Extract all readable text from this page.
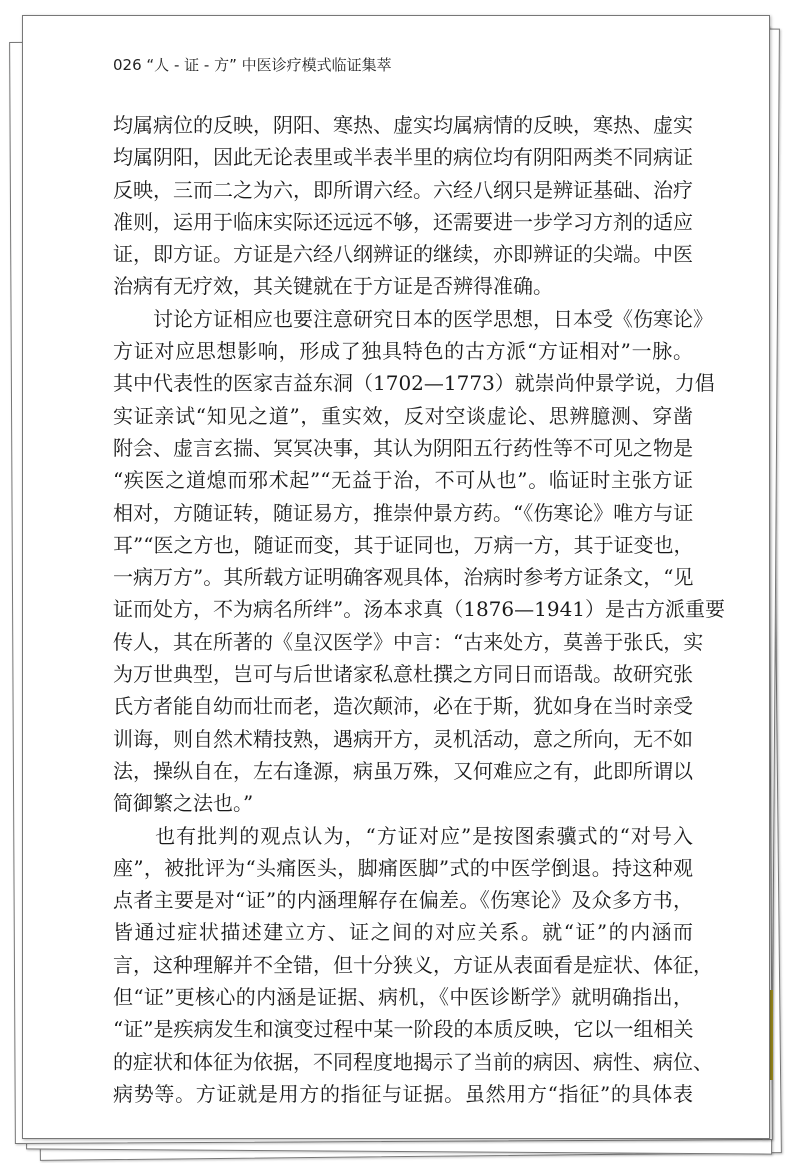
026 “人 - 证 - 方” 中医诊疗模式临证集萃
均属病位的反映，阴阳、寒热、虚实均属病情的反映，寒热、虚实
均属阴阳，因此无论表里或半表半里的病位均有阴阳两类不同病证
反映，三而二之为六，即所谓六经。六经八纲只是辨证基础、治疗
准则，运用于临床实际还远远不够，还需要进一步学习方剂的适应
证，即方证。方证是六经八纲辨证的继续，亦即辨证的尖端。中医
治病有无疗效，其关键就在于方证是否辨得准确。
　　讨论方证相应也要注意研究日本的医学思想，日本受《伤寒论》
方证对应思想影响，形成了独具特色的古方派“方证相对”一脉。
其中代表性的医家吉益东洞（1702—1773）就崇尚仲景学说，力倡
实证亲试“知见之道”，重实效，反对空谈虚论、思辨臆测、穿凿
附会、虚言玄揣、冥冥决事，其认为阴阳五行药性等不可见之物是
“疾医之道熄而邪术起”“无益于治，不可从也”。临证时主张方证
相对，方随证转，随证易方，推崇仲景方药。“《伤寒论》唯方与证
耳”“医之方也，随证而变，其于证同也，万病一方，其于证变也，
一病万方”。其所载方证明确客观具体，治病时参考方证条文，“见
证而处方，不为病名所绊”。汤本求真（1876—1941）是古方派重要
传人，其在所著的《皇汉医学》中言：“古来处方，莫善于张氏，实
为万世典型，岂可与后世诸家私意杜撰之方同日而语哉。故研究张
氏方者能自幼而壮而老，造次颠沛，必在于斯，犹如身在当时亲受
训诲，则自然术精技熟，遇病开方，灵机活动，意之所向，无不如
法，操纵自在，左右逢源，病虽万殊，又何难应之有，此即所谓以
简御繁之法也。”
　　也有批判的观点认为，“方证对应”是按图索骥式的“对号入
座”，被批评为“头痛医头，脚痛医脚”式的中医学倒退。持这种观
点者主要是对“证”的内涵理解存在偏差。《伤寒论》及众多方书，
皆通过症状描述建立方、证之间的对应关系。就“证”的内涵而
言，这种理解并不全错，但十分狭义，方证从表面看是症状、体征，
但“证”更核心的内涵是证据、病机，《中医诊断学》就明确指出，
“证”是疾病发生和演变过程中某一阶段的本质反映，它以一组相关
的症状和体征为依据，不同程度地揭示了当前的病因、病性、病位、
病势等。方证就是用方的指征与证据。虽然用方“指征”的具体表
